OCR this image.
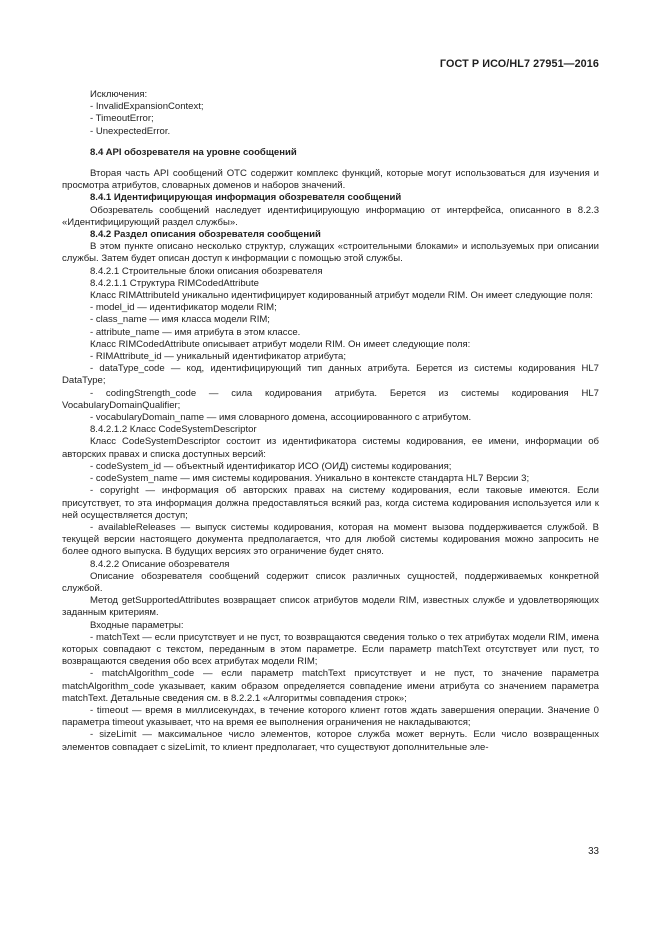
ГОСТ Р ИСО/HL7 27951—2016

Исключения:

- InvalidExpansionContext;

- TimeoutError;

- UnexpectedError.

8.4 API обозревателя на уровне сообщений

Вторая часть API сообщений ОТС содержит комплекс функций, которые могут использоваться для изучения и просмотра атрибутов, словарных доменов и наборов значений.

8.4.1 Идентифицирующая информация обозревателя сообщений

Обозреватель сообщений наследует идентифицирующую информацию от интерфейса, описанного в 8.2.3 «Идентифицирующий раздел службы».

8.4.2 Раздел описания обозревателя сообщений

В этом пункте описано несколько структур, служащих «строительными блоками» и используемых при описании службы. Затем будет описан доступ к информации с помощью этой службы.

8.4.2.1 Строительные блоки описания обозревателя

8.4.2.1.1 Структура RIMCodedAttribute

Класс RIMAttributeId уникально идентифицирует кодированный атрибут модели RIM. Он имеет следующие поля:

- model_id — идентификатор модели RIM;

- class_name — имя класса модели RIM;

- attribute_name — имя атрибута в этом классе.

Класс RIMCodedAttribute описывает атрибут модели RIM. Он имеет следующие поля:

- RIMAttribute_id — уникальный идентификатор атрибута;

- dataType_code — код, идентифицирующий тип данных атрибута. Берется из системы кодирования HL7 DataType;

- codingStrength_code — сила кодирования атрибута. Берется из системы кодирования HL7 VocabularyDomainQualifier;

- vocabularyDomain_name — имя словарного домена, ассоциированного с атрибутом.

8.4.2.1.2 Класс CodeSystemDescriptor

Класс CodeSystemDescriptor состоит из идентификатора системы кодирования, ее имени, информации об авторских правах и списка доступных версий:

- codeSystem_id — объектный идентификатор ИСО (ОИД) системы кодирования;

- codeSystem_name — имя системы кодирования. Уникально в контексте стандарта HL7 Версии 3;

- copyright — информация об авторских правах на систему кодирования, если таковые имеются. Если присутствует, то эта информация должна предоставляться всякий раз, когда система кодирования используется или к ней осуществляется доступ;

- availableReleases — выпуск системы кодирования, которая на момент вызова поддерживается службой. В текущей версии настоящего документа предполагается, что для любой системы кодирования можно запросить не более одного выпуска. В будущих версиях это ограничение будет снято.

8.4.2.2 Описание обозревателя

Описание обозревателя сообщений содержит список различных сущностей, поддерживаемых конкретной службой.

Метод getSupportedAttributes возвращает список атрибутов модели RIM, известных службе и удовлетворяющих заданным критериям.

Входные параметры:

- matchText — если присутствует и не пуст, то возвращаются сведения только о тех атрибутах модели RIM, имена которых совпадают с текстом, переданным в этом параметре. Если параметр matchText отсутствует или пуст, то возвращаются сведения обо всех атрибутах модели RIM;

- matchAlgorithm_code — если параметр matchText присутствует и не пуст, то значение параметра matchAlgorithm_code указывает, каким образом определяется совпадение имени атрибута со значением параметра matchText. Детальные сведения см. в 8.2.2.1 «Алгоритмы совпадения строк»;

- timeout — время в миллисекундах, в течение которого клиент готов ждать завершения операции. Значение 0 параметра timeout указывает, что на время ее выполнения ограничения не накладываются;

- sizeLimit — максимальное число элементов, которое служба может вернуть. Если число возвращенных элементов совпадает с sizeLimit, то клиент предполагает, что существуют дополнительные эле-

33
